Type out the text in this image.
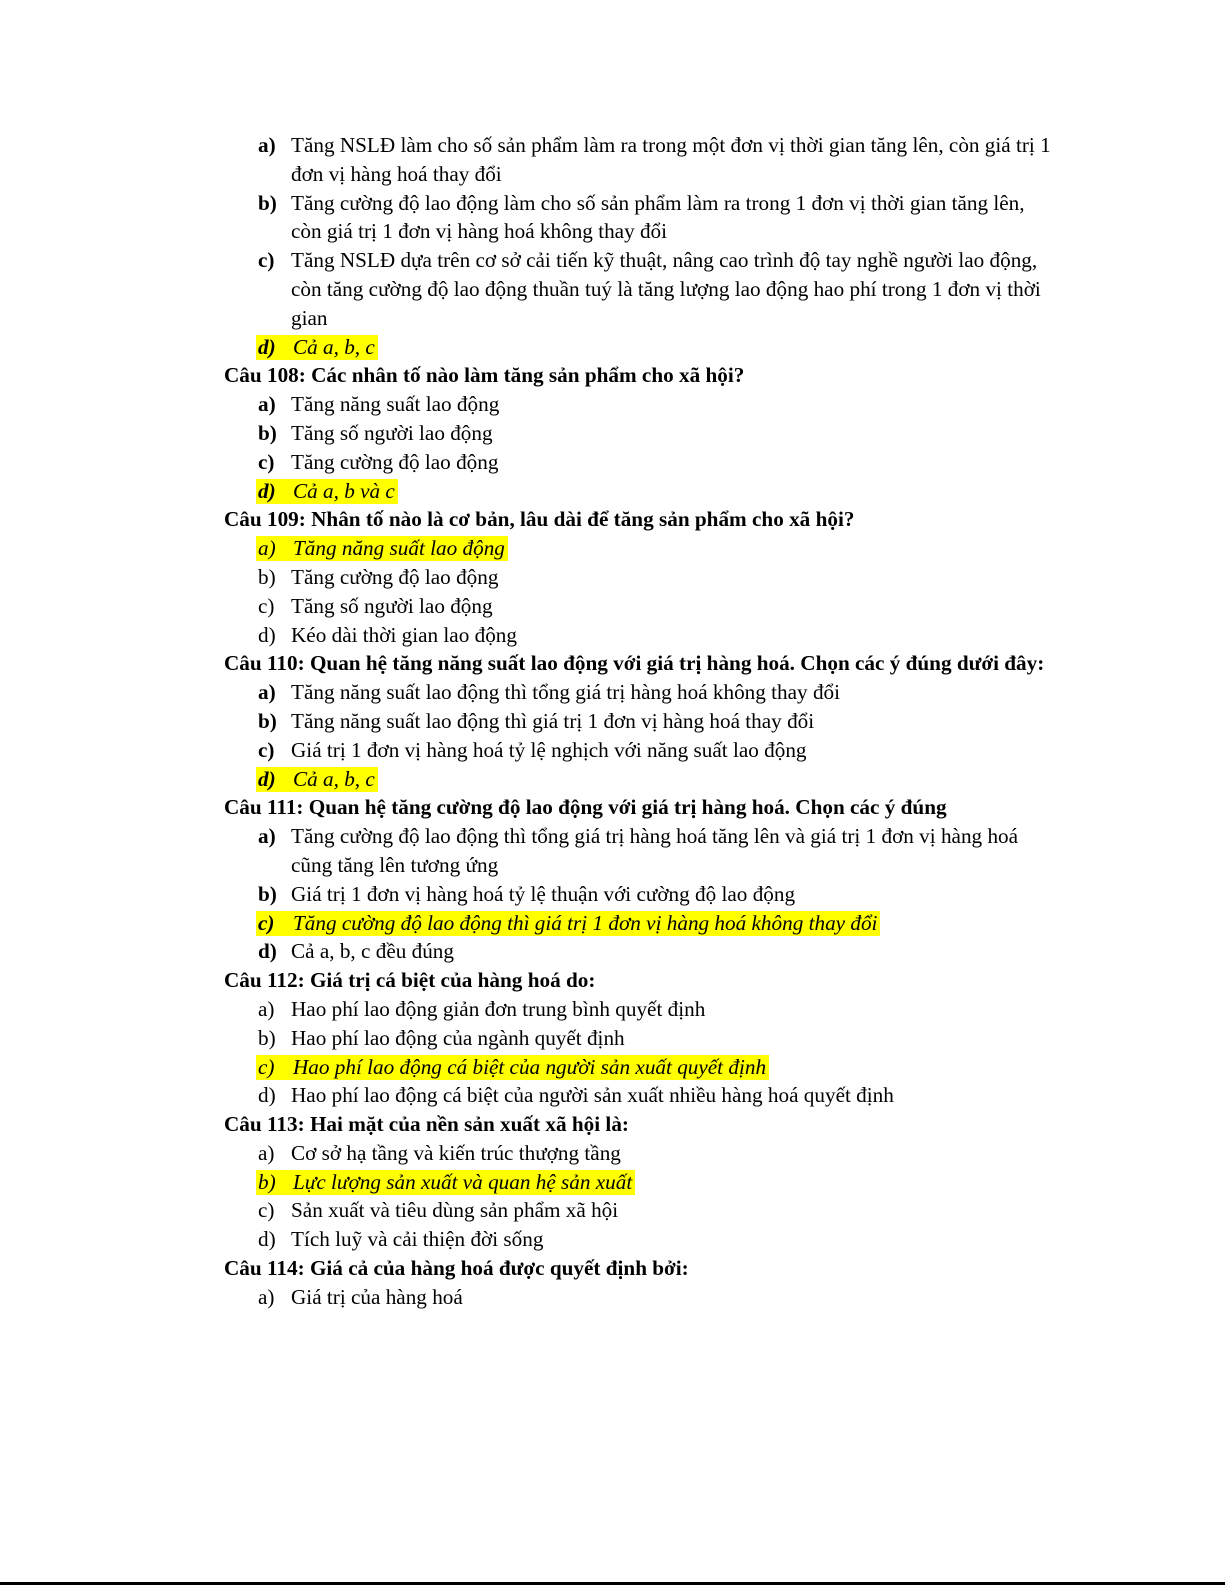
a) Tăng NSLĐ làm cho số sản phẩm làm ra trong một đơn vị thời gian tăng lên, còn giá trị 1
đơn vị hàng hoá thay đổi
b) Tăng cường độ lao động làm cho số sản phẩm làm ra trong 1 đơn vị thời gian tăng lên,
còn giá trị 1 đơn vị hàng hoá không thay đổi
c) Tăng NSLĐ dựa trên cơ sở cải tiến kỹ thuật, nâng cao trình độ tay nghề người lao động,
còn tăng cường độ lao động thuần tuý là tăng lượng lao động hao phí trong 1 đơn vị thời
gian
d) Cả a, b, c
Câu 108: Các nhân tố nào làm tăng sản phẩm cho xã hội?
a) Tăng năng suất lao động
b) Tăng số người lao động
c) Tăng cường độ lao động
d) Cả a, b và c
Câu 109: Nhân tố nào là cơ bản, lâu dài để tăng sản phẩm cho xã hội?
a) Tăng năng suất lao động
b) Tăng cường độ lao động
c) Tăng số người lao động
d) Kéo dài thời gian lao động
Câu 110: Quan hệ tăng năng suất lao động với giá trị hàng hoá. Chọn các ý đúng dưới đây:
a) Tăng năng suất lao động thì tổng giá trị hàng hoá không thay đổi
b) Tăng năng suất lao động thì giá trị 1 đơn vị hàng hoá thay đổi
c) Giá trị 1 đơn vị hàng hoá tỷ lệ nghịch với năng suất lao động
d) Cả a, b, c
Câu 111: Quan hệ tăng cường độ lao động với giá trị hàng hoá. Chọn các ý đúng
a) Tăng cường độ lao động thì tổng giá trị hàng hoá tăng lên và giá trị 1 đơn vị hàng hoá
cũng tăng lên tương ứng
b) Giá trị 1 đơn vị hàng hoá tỷ lệ thuận với cường độ lao động
c) Tăng cường độ lao động thì giá trị 1 đơn vị hàng hoá không thay đổi
d) Cả a, b, c đều đúng
Câu 112: Giá trị cá biệt của hàng hoá do:
a) Hao phí lao động giản đơn trung bình quyết định
b) Hao phí lao động của ngành quyết định
c) Hao phí lao động cá biệt của người sản xuất quyết định
d) Hao phí lao động cá biệt của người sản xuất nhiều hàng hoá quyết định
Câu 113: Hai mặt của nền sản xuất xã hội là:
a) Cơ sở hạ tầng và kiến trúc thượng tầng
b) Lực lượng sản xuất và quan hệ sản xuất
c) Sản xuất và tiêu dùng sản phẩm xã hội
d) Tích luỹ và cải thiện đời sống
Câu 114: Giá cả của hàng hoá được quyết định bởi:
a) Giá trị của hàng hoá
